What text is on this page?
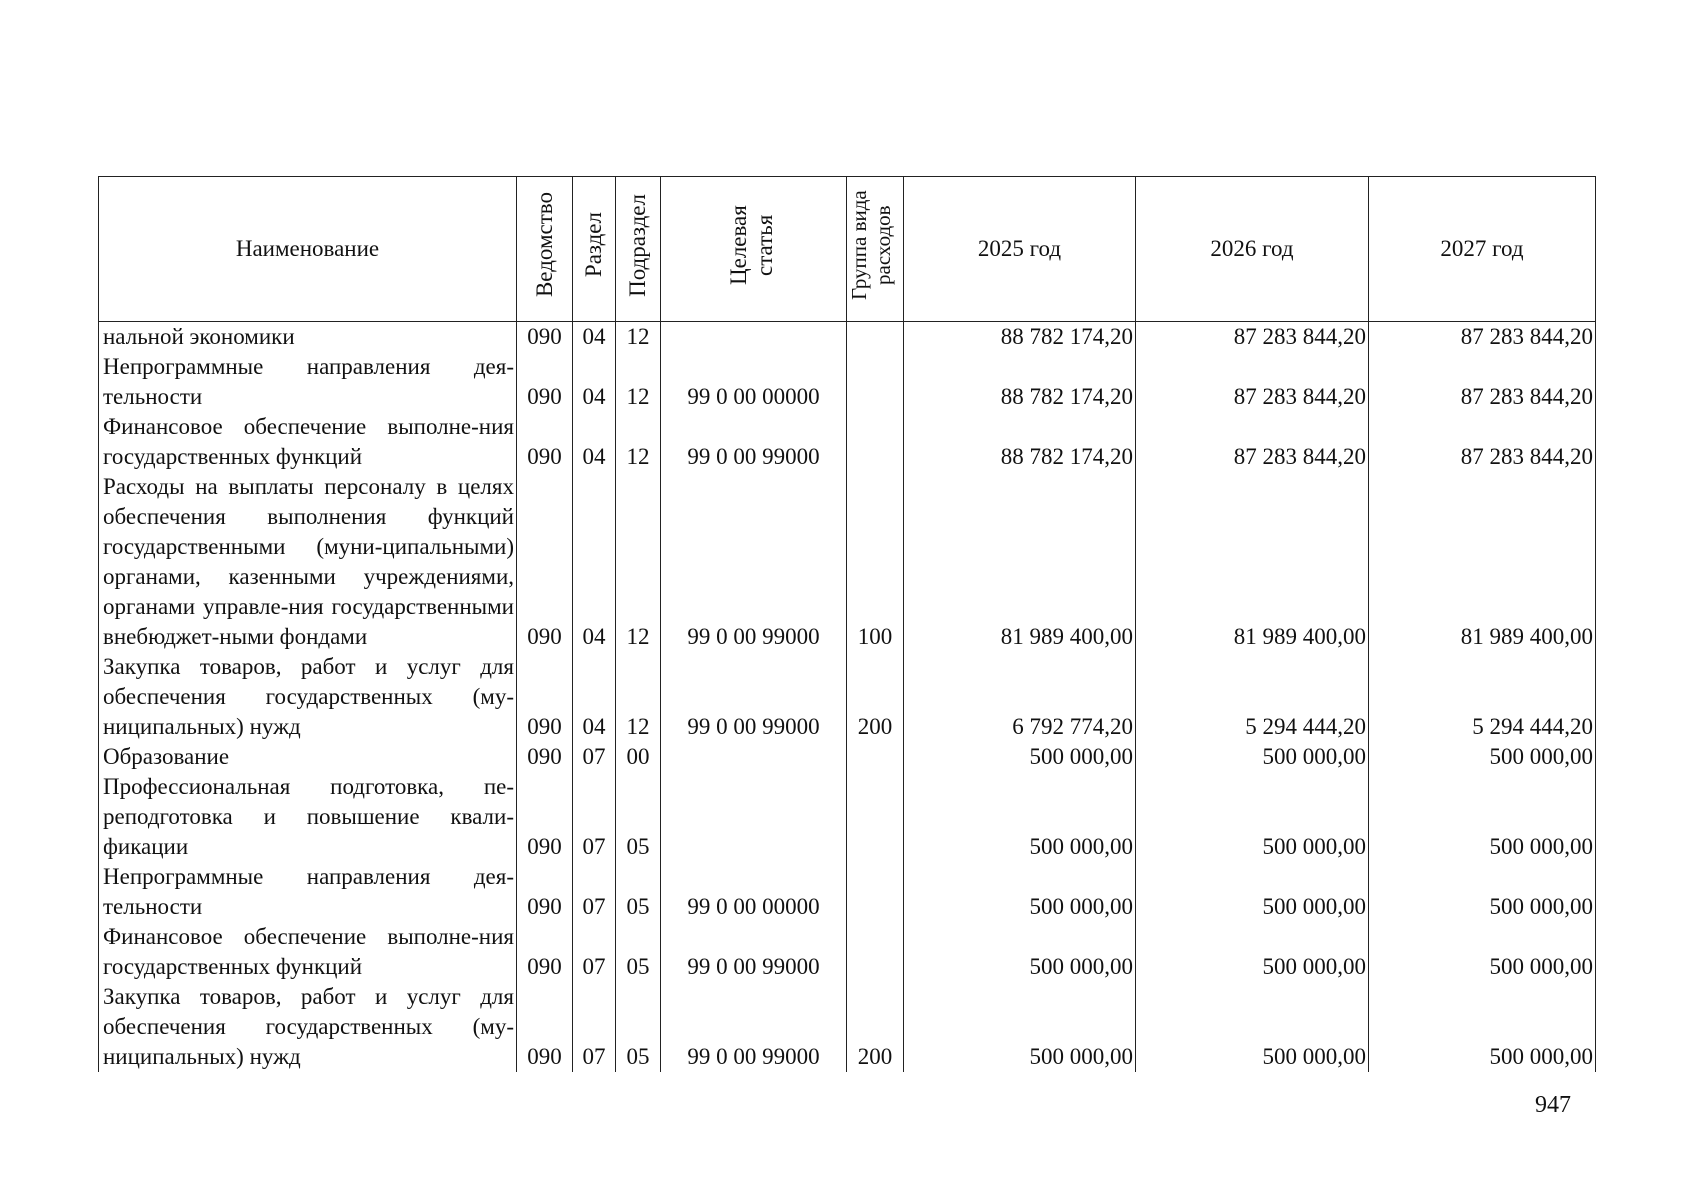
Наименование	Ведомство	Раздел	Подраздел	Целевая статья	Группа вида расходов	2025 год	2026 год	2027 год
нальной экономики	090	04	12			88 782 174,20	87 283 844,20	87 283 844,20
Непрограммные направления дея-тельности	090	04	12	99 0 00 00000		88 782 174,20	87 283 844,20	87 283 844,20
Финансовое обеспечение выполне-ния государственных функций	090	04	12	99 0 00 99000		88 782 174,20	87 283 844,20	87 283 844,20
Расходы на выплаты персоналу в целях обеспечения выполнения функций государственными (муни-ципальными) органами, казенными учреждениями, органами управле-ния государственными внебюджет-ными фондами	090	04	12	99 0 00 99000	100	81 989 400,00	81 989 400,00	81 989 400,00
Закупка товаров, работ и услуг для обеспечения государственных (му-ниципальных) нужд	090	04	12	99 0 00 99000	200	6 792 774,20	5 294 444,20	5 294 444,20
Образование	090	07	00			500 000,00	500 000,00	500 000,00
Профессиональная подготовка, пе-реподготовка и повышение квали-фикации	090	07	05			500 000,00	500 000,00	500 000,00
Непрограммные направления дея-тельности	090	07	05	99 0 00 00000		500 000,00	500 000,00	500 000,00
Финансовое обеспечение выполне-ния государственных функций	090	07	05	99 0 00 99000		500 000,00	500 000,00	500 000,00
Закупка товаров, работ и услуг для обеспечения государственных (му-ниципальных) нужд	090	07	05	99 0 00 99000	200	500 000,00	500 000,00	500 000,00
947
